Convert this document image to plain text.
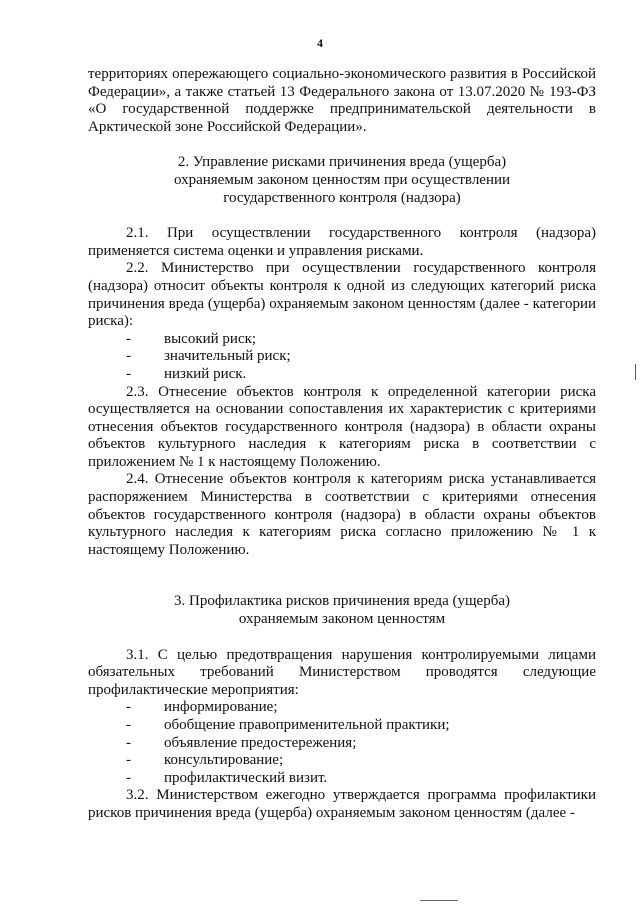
4

территориях опережающего социально-экономического развития в Российской Федерации», а также статьей 13 Федерального закона от 13.07.2020 № 193-ФЗ «О государственной поддержке предпринимательской деятельности в Арктической зоне Российской Федерации».

2. Управление рисками причинения вреда (ущерба)
охраняемым законом ценностям при осуществлении
государственного контроля (надзора)

2.1. При осуществлении государственного контроля (надзора) применяется система оценки и управления рисками.

2.2. Министерство при осуществлении государственного контроля (надзора) относит объекты контроля к одной из следующих категорий риска причинения вреда (ущерба) охраняемым законом ценностям (далее - категории риска):

-	высокий риск;
-	значительный риск;
-	низкий риск.

2.3. Отнесение объектов контроля к определенной категории риска осуществляется на основании сопоставления их характеристик с критериями отнесения объектов государственного контроля (надзора) в области охраны объектов культурного наследия к категориям риска в соответствии с приложением № 1 к настоящему Положению.

2.4. Отнесение объектов контроля к категориям риска устанавливается распоряжением Министерства в соответствии с критериями отнесения объектов государственного контроля (надзора) в области охраны объектов культурного наследия к категориям риска согласно приложению № 1 к настоящему Положению.

3. Профилактика рисков причинения вреда (ущерба)
охраняемым законом ценностям

3.1. С целью предотвращения нарушения контролируемыми лицами обязательных требований Министерством проводятся следующие профилактические мероприятия:

-	информирование;
-	обобщение правоприменительной практики;
-	объявление предостережения;
-	консультирование;
-	профилактический визит.

3.2. Министерством ежегодно утверждается программа профилактики рисков причинения вреда (ущерба) охраняемым законом ценностям (далее -
